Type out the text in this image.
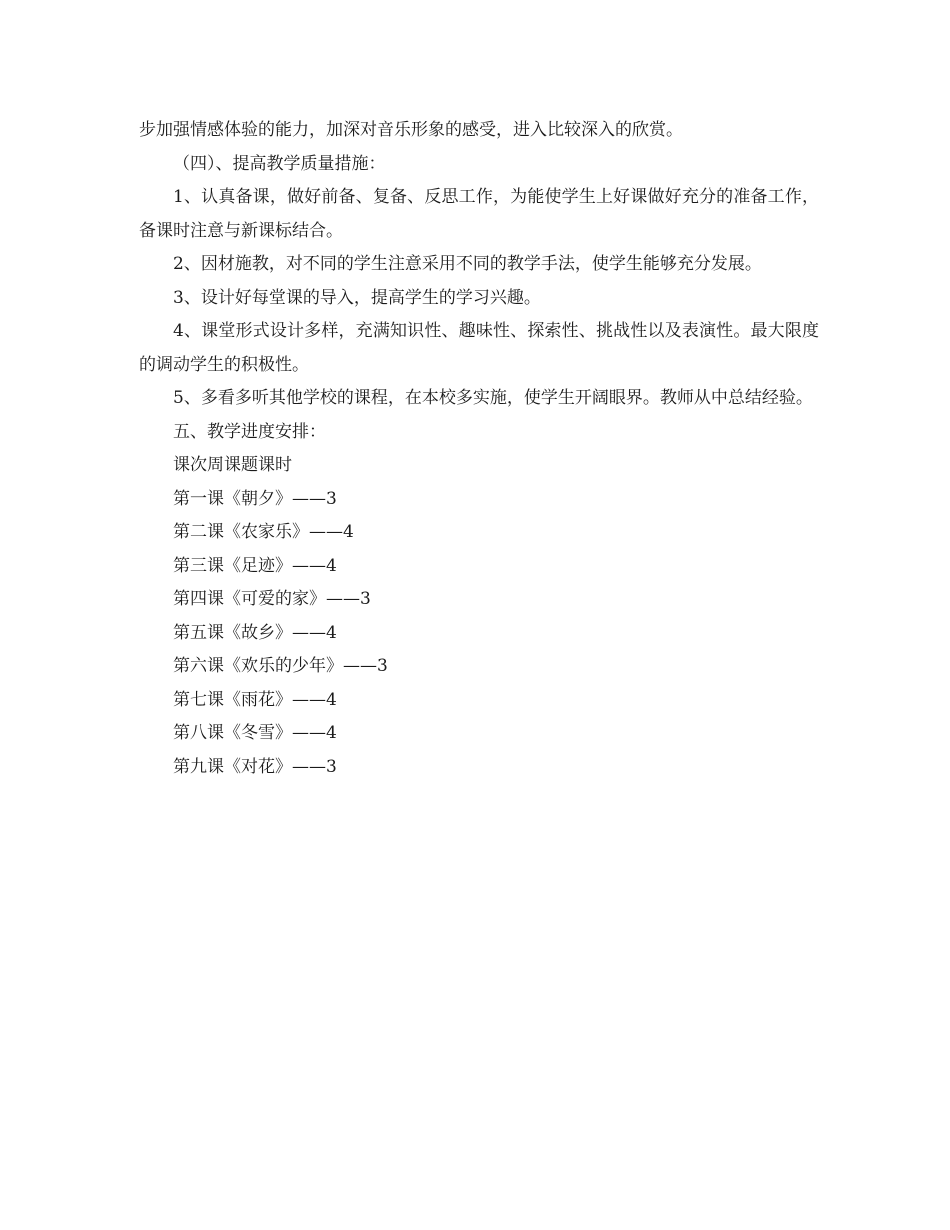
步加强情感体验的能力，加深对音乐形象的感受，进入比较深入的欣赏。

（四）、提高教学质量措施：

1、认真备课，做好前备、复备、反思工作，为能使学生上好课做好充分的准备工作，备课时注意与新课标结合。

2、因材施教，对不同的学生注意采用不同的教学手法，使学生能够充分发展。

3、设计好每堂课的导入，提高学生的学习兴趣。

4、课堂形式设计多样，充满知识性、趣味性、探索性、挑战性以及表演性。最大限度的调动学生的积极性。

5、多看多听其他学校的课程，在本校多实施，使学生开阔眼界。教师从中总结经验。

五、教学进度安排：

课次周课题课时

第一课《朝夕》——3

第二课《农家乐》——4

第三课《足迹》——4

第四课《可爱的家》——3

第五课《故乡》——4

第六课《欢乐的少年》——3

第七课《雨花》——4

第八课《冬雪》——4

第九课《对花》——3
